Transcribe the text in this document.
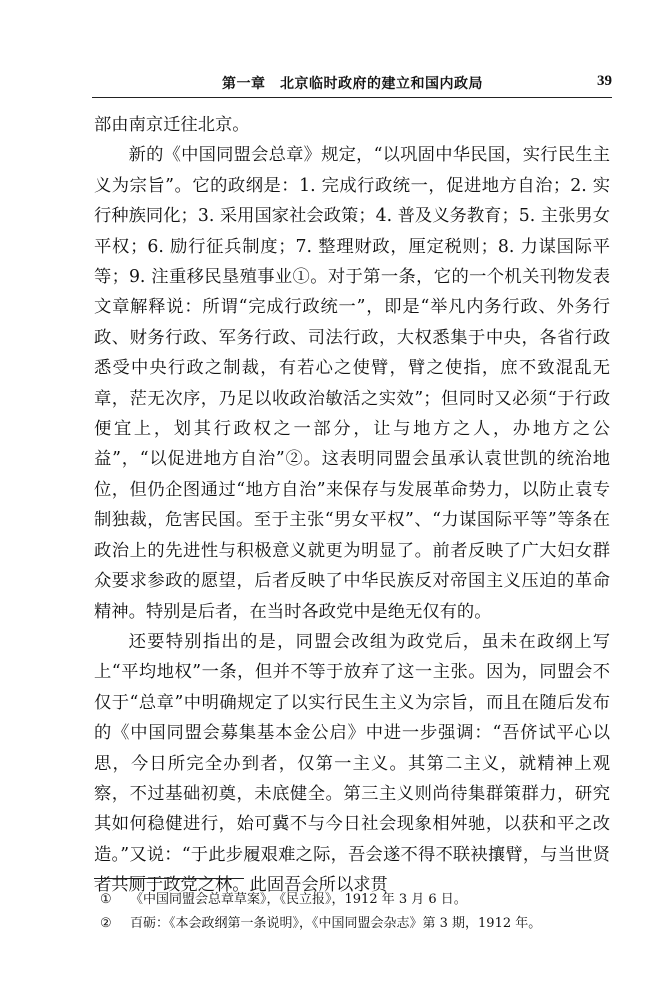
第一章　北京临时政府的建立和国内政局	39

部由南京迁往北京。

新的《中国同盟会总章》规定，“以巩固中华民国，实行民生主义为宗旨”。它的政纲是：1. 完成行政统一，促进地方自治；2. 实行种族同化；3. 采用国家社会政策；4. 普及义务教育；5. 主张男女平权；6. 励行征兵制度；7. 整理财政，厘定税则；8. 力谋国际平等；9. 注重移民垦殖事业①。对于第一条，它的一个机关刊物发表文章解释说：所谓“完成行政统一”，即是“举凡内务行政、外务行政、财务行政、军务行政、司法行政，大权悉集于中央，各省行政悉受中央行政之制裁，有若心之使臂，臂之使指，庶不致混乱无章，茫无次序，乃足以收政治敏活之实效”；但同时又必须“于行政便宜上，划其行政权之一部分，让与地方之人，办地方之公益”，“以促进地方自治”②。这表明同盟会虽承认袁世凯的统治地位，但仍企图通过“地方自治”来保存与发展革命势力，以防止袁专制独裁，危害民国。至于主张“男女平权”、“力谋国际平等”等条在政治上的先进性与积极意义就更为明显了。前者反映了广大妇女群众要求参政的愿望，后者反映了中华民族反对帝国主义压迫的革命精神。特别是后者，在当时各政党中是绝无仅有的。

还要特别指出的是，同盟会改组为政党后，虽未在政纲上写上“平均地权”一条，但并不等于放弃了这一主张。因为，同盟会不仅于“总章”中明确规定了以实行民生主义为宗旨，而且在随后发布的《中国同盟会募集基本金公启》中进一步强调：“吾侪试平心以思，今日所完全办到者，仅第一主义。其第二主义，就精神上观察，不过基础初奠，未底健全。第三主义则尚待集群策群力，研究其如何稳健进行，始可冀不与今日社会现象相舛驰，以获和平之改造。”又说：“于此步履艰难之际，吾会遂不得不联袂攘臂，与当世贤者共厕于政党之林。此固吾会所以求贯

① 《中国同盟会总章草案》，《民立报》，1912 年 3 月 6 日。
② 百砺：《本会政纲第一条说明》，《中国同盟会杂志》第 3 期，1912 年。
